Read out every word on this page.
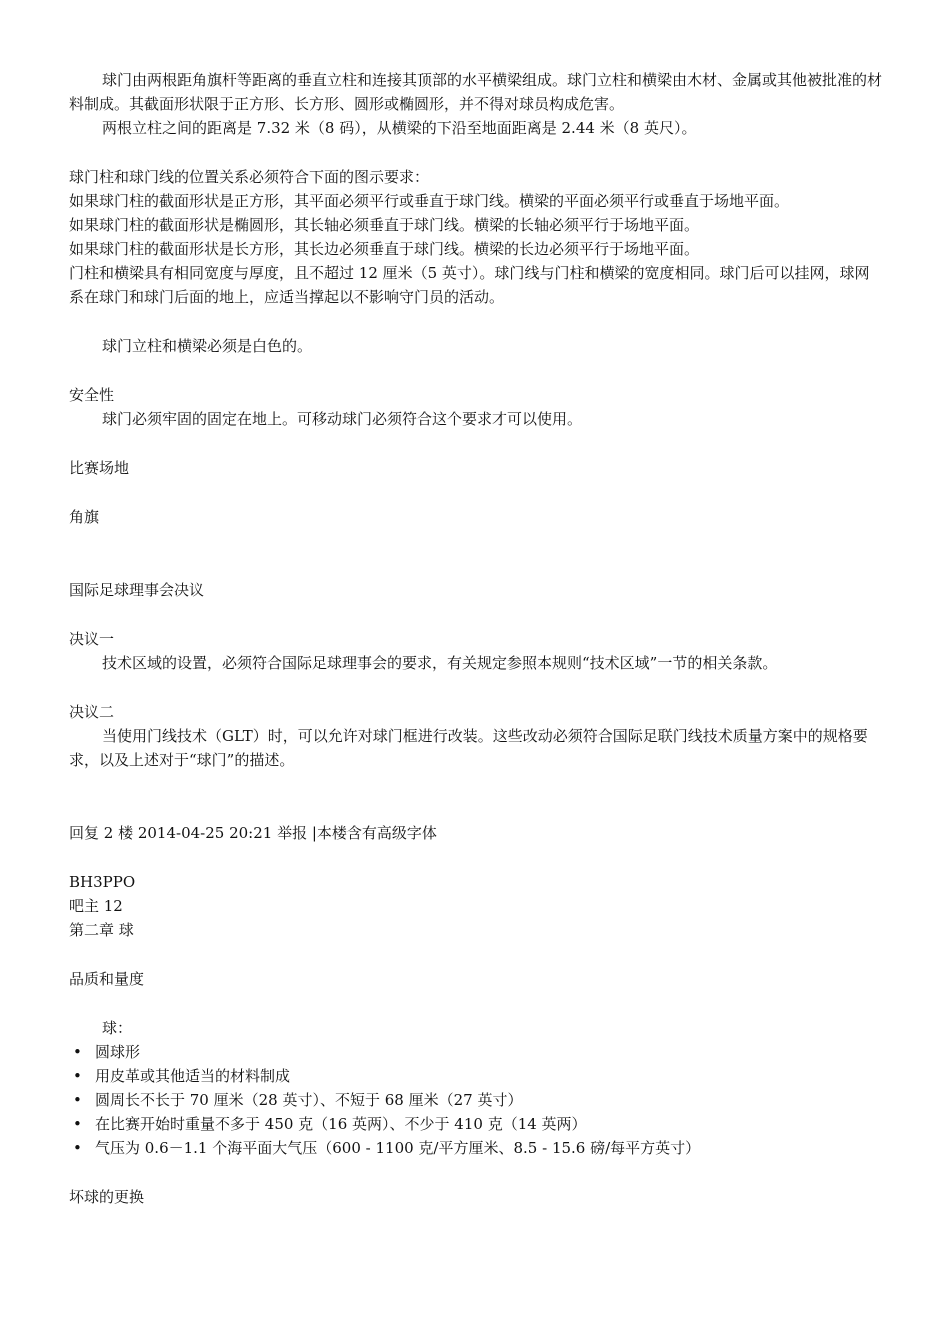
球门由两根距角旗杆等距离的垂直立柱和连接其顶部的水平横梁组成。球门立柱和横梁由木材、金属或其他被批准的材料制成。其截面形状限于正方形、长方形、圆形或椭圆形，并不得对球员构成危害。

两根立柱之间的距离是 7.32 米（8 码），从横梁的下沿至地面距离是 2.44 米（8 英尺）。

球门柱和球门线的位置关系必须符合下面的图示要求：

如果球门柱的截面形状是正方形，其平面必须平行或垂直于球门线。横梁的平面必须平行或垂直于场地平面。

如果球门柱的截面形状是椭圆形，其长轴必须垂直于球门线。横梁的长轴必须平行于场地平面。

如果球门柱的截面形状是长方形，其长边必须垂直于球门线。横梁的长边必须平行于场地平面。

门柱和横梁具有相同宽度与厚度，且不超过 12 厘米（5 英寸）。球门线与门柱和横梁的宽度相同。球门后可以挂网，球网系在球门和球门后面的地上，应适当撑起以不影响守门员的活动。

球门立柱和横梁必须是白色的。

安全性

球门必须牢固的固定在地上。可移动球门必须符合这个要求才可以使用。

比赛场地

角旗

国际足球理事会决议

决议一

技术区域的设置，必须符合国际足球理事会的要求，有关规定参照本规则“技术区域”一节的相关条款。

决议二

当使用门线技术（GLT）时，可以允许对球门框进行改装。这些改动必须符合国际足联门线技术质量方案中的规格要求，以及上述对于“球门”的描述。

回复 2 楼 2014-04-25 20:21 举报 |本楼含有高级字体

BH3PPO

吧主 12

第二章 球

品质和量度

球：

• 圆球形
• 用皮革或其他适当的材料制成
• 圆周长不长于 70 厘米（28 英寸）、不短于 68 厘米（27 英寸）
• 在比赛开始时重量不多于 450 克（16 英两）、不少于 410 克（14 英两）
• 气压为 0.6－1.1 个海平面大气压（600 - 1100 克/平方厘米、8.5 - 15.6 磅/每平方英寸）

坏球的更换
